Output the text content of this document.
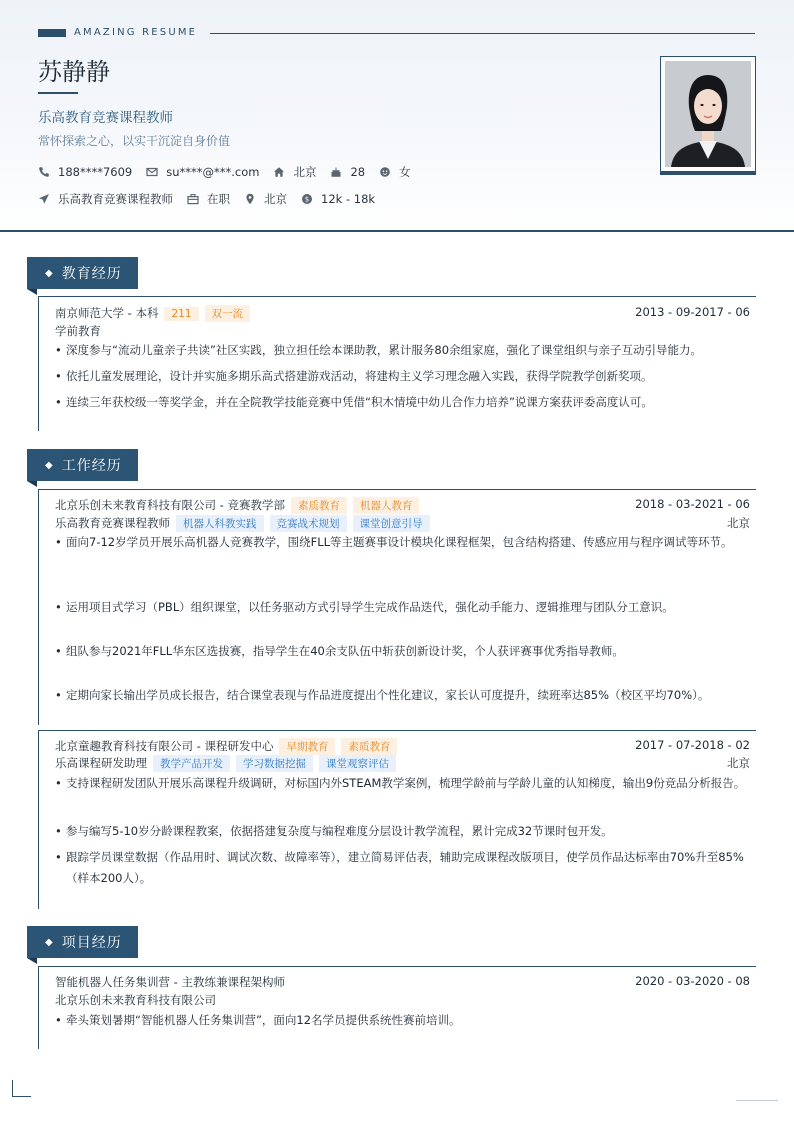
AMAZING RESUME
苏静静
乐高教育竞赛课程教师
常怀探索之心，以实干沉淀自身价值
188****7609	su****@***.com	北京	28	女
乐高教育竞赛课程教师	在职	北京	$ 12k - 18k
◆ 教育经历
南京师范大学 - 本科 211 双一流	2013 - 09-2017 - 06
学前教育
• 深度参与“流动儿童亲子共读”社区实践，独立担任绘本课助教，累计服务80余组家庭，强化了课堂组织与亲子互动引导能力。
• 依托儿童发展理论，设计并实施多期乐高式搭建游戏活动，将建构主义学习理念融入实践，获得学院教学创新奖项。
• 连续三年获校级一等奖学金，并在全院教学技能竞赛中凭借“积木情境中幼儿合作力培养”说课方案获评委高度认可。
◆ 工作经历
北京乐创未来教育科技有限公司 - 竞赛教学部 素质教育 机器人教育	2018 - 03-2021 - 06
乐高教育竞赛课程教师 机器人科教实践 竞赛战术规划 课堂创意引导	北京
• 面向7-12岁学员开展乐高机器人竞赛教学，围绕FLL等主题赛事设计模块化课程框架，包含结构搭建、传感应用与程序调试等环节。
• 运用项目式学习（PBL）组织课堂，以任务驱动方式引导学生完成作品迭代，强化动手能力、逻辑推理与团队分工意识。
• 组队参与2021年FLL华东区选拔赛，指导学生在40余支队伍中斩获创新设计奖，个人获评赛事优秀指导教师。
• 定期向家长输出学员成长报告，结合课堂表现与作品进度提出个性化建议，家长认可度提升，续班率达85%（校区平均70%）。
北京童趣教育科技有限公司 - 课程研发中心 早期教育 素质教育	2017 - 07-2018 - 02
乐高课程研发助理 教学产品开发 学习数据挖掘 课堂观察评估	北京
• 支持课程研发团队开展乐高课程升级调研，对标国内外STEAM教学案例，梳理学龄前与学龄儿童的认知梯度，输出9份竞品分析报告。
• 参与编写5-10岁分龄课程教案，依据搭建复杂度与编程难度分层设计教学流程，累计完成32节课时包开发。
• 跟踪学员课堂数据（作品用时、调试次数、故障率等），建立简易评估表，辅助完成课程改版项目，使学员作品达标率由70%升至85%（样本200人）。
◆ 项目经历
智能机器人任务集训营 - 主教练兼课程架构师	2020 - 03-2020 - 08
北京乐创未来教育科技有限公司
• 牵头策划暑期“智能机器人任务集训营”，面向12名学员提供系统性赛前培训。
